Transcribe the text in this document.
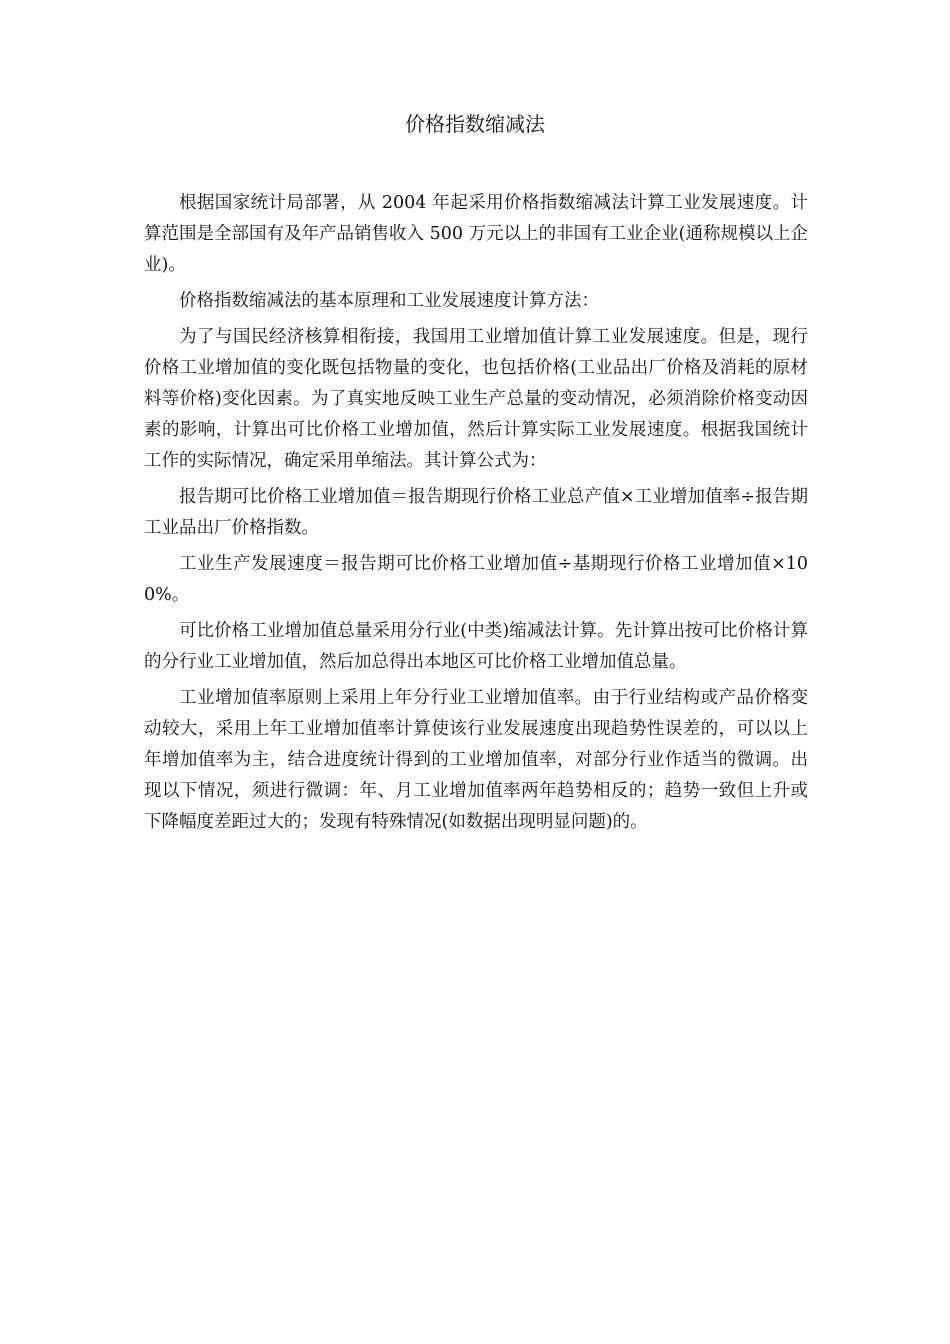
价格指数缩减法

根据国家统计局部署，从 2004 年起采用价格指数缩减法计算工业发展速度。计算范围是全部国有及年产品销售收入 500 万元以上的非国有工业企业(通称规模以上企业)。

价格指数缩减法的基本原理和工业发展速度计算方法：

为了与国民经济核算相衔接，我国用工业增加值计算工业发展速度。但是，现行价格工业增加值的变化既包括物量的变化，也包括价格(工业品出厂价格及消耗的原材料等价格)变化因素。为了真实地反映工业生产总量的变动情况，必须消除价格变动因素的影响，计算出可比价格工业增加值，然后计算实际工业发展速度。根据我国统计工作的实际情况，确定采用单缩法。其计算公式为：

报告期可比价格工业增加值＝报告期现行价格工业总产值×工业增加值率÷报告期工业品出厂价格指数。

工业生产发展速度＝报告期可比价格工业增加值÷基期现行价格工业增加值×100%。

可比价格工业增加值总量采用分行业(中类)缩减法计算。先计算出按可比价格计算的分行业工业增加值，然后加总得出本地区可比价格工业增加值总量。

工业增加值率原则上采用上年分行业工业增加值率。由于行业结构或产品价格变动较大，采用上年工业增加值率计算使该行业发展速度出现趋势性误差的，可以以上年增加值率为主，结合进度统计得到的工业增加值率，对部分行业作适当的微调。出现以下情况，须进行微调：年、月工业增加值率两年趋势相反的；趋势一致但上升或下降幅度差距过大的；发现有特殊情况(如数据出现明显问题)的。
